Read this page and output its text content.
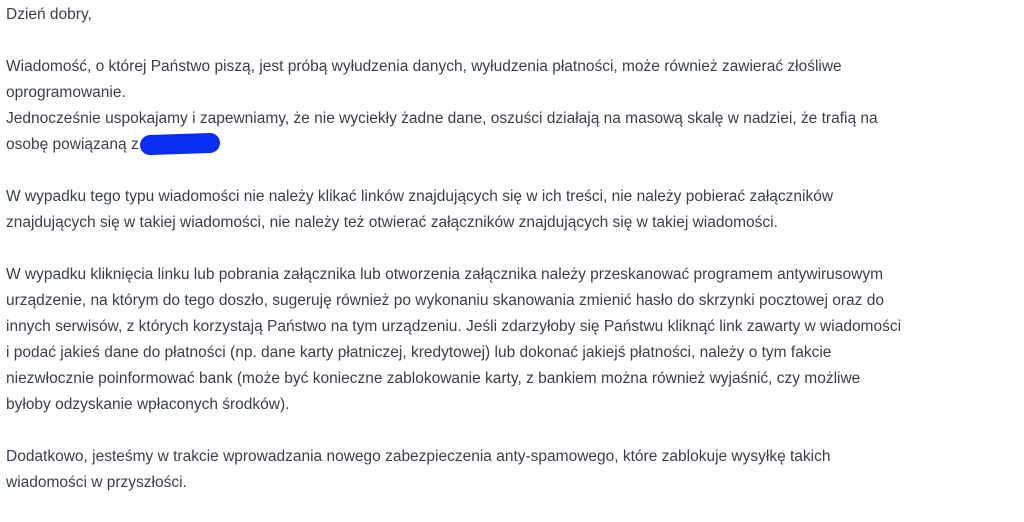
Dzień dobry,

Wiadomość, o której Państwo piszą, jest próbą wyłudzenia danych, wyłudzenia płatności, może również zawierać złośliwe
oprogramowanie.
Jednocześnie uspokajamy i zapewniamy, że nie wyciekły żadne dane, oszuści działają na masową skalę w nadziei, że trafią na
osobę powiązaną z

W wypadku tego typu wiadomości nie należy klikać linków znajdujących się w ich treści, nie należy pobierać załączników
znajdujących się w takiej wiadomości, nie należy też otwierać załączników znajdujących się w takiej wiadomości.

W wypadku kliknięcia linku lub pobrania załącznika lub otworzenia załącznika należy przeskanować programem antywirusowym
urządzenie, na którym do tego doszło, sugeruję również po wykonaniu skanowania zmienić hasło do skrzynki pocztowej oraz do
innych serwisów, z których korzystają Państwo na tym urządzeniu. Jeśli zdarzyłoby się Państwu kliknąć link zawarty w wiadomości
i podać jakieś dane do płatności (np. dane karty płatniczej, kredytowej) lub dokonać jakiejś płatności, należy o tym fakcie
niezwłocznie poinformować bank (może być konieczne zablokowanie karty, z bankiem można również wyjaśnić, czy możliwe
byłoby odzyskanie wpłaconych środków).

Dodatkowo, jesteśmy w trakcie wprowadzania nowego zabezpieczenia anty-spamowego, które zablokuje wysyłkę takich
wiadomości w przyszłości.
